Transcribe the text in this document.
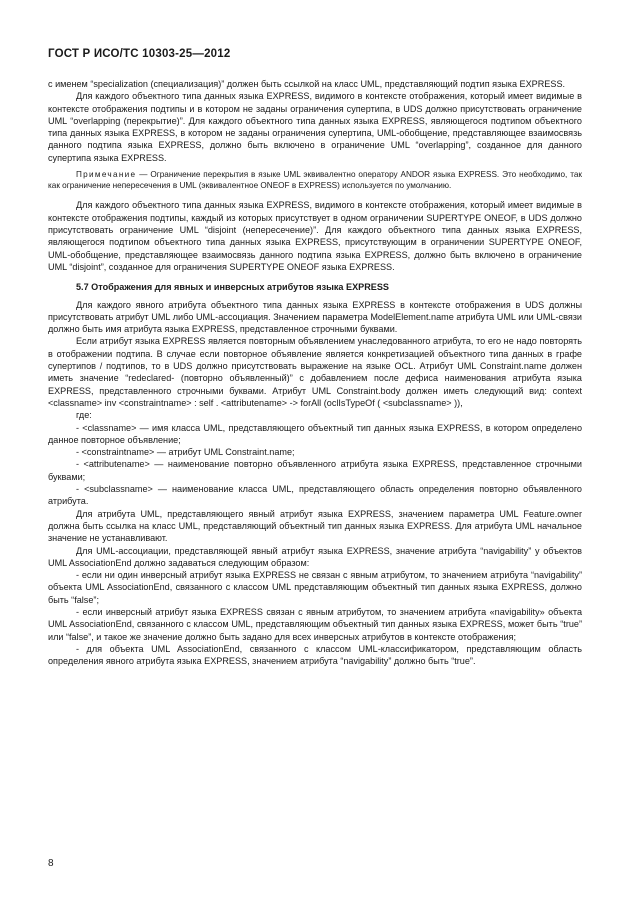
ГОСТ Р ИСО/ТС 10303-25—2012

с именем “specialization (специализация)” должен быть ссылкой на класс UML, представляющий подтип языка EXPRESS.

Для каждого объектного типа данных языка EXPRESS, видимого в контексте отображения, который имеет видимые в контексте отображения подтипы и в котором не заданы ограничения супертипа, в UDS должно присутствовать ограничение UML “overlapping (перекрытие)”. Для каждого объектного типа данных языка EXPRESS, являющегося подтипом объектного типа данных языка EXPRESS, в котором не заданы ограничения супертипа, UML-обобщение, представляющее взаимосвязь данного подтипа языка EXPRESS, должно быть включено в ограничение UML “overlapping”, созданное для данного супертипа языка EXPRESS.

Примечание — Ограничение перекрытия в языке UML эквивалентно оператору ANDOR языка EXPRESS. Это необходимо, так как ограничение непересечения в UML (эквивалентное ONEOF в EXPRESS) используется по умолчанию.

Для каждого объектного типа данных языка EXPRESS, видимого в контексте отображения, который имеет видимые в контексте отображения подтипы, каждый из которых присутствует в одном ограничении SUPERTYPE ONEOF, в UDS должно присутствовать ограничение UML “disjoint (непересечение)”. Для каждого объектного типа данных языка EXPRESS, являющегося подтипом объектного типа данных языка EXPRESS, присутствующим в ограничении SUPERTYPE ONEOF, UML-обобщение, представляющее взаимосвязь данного подтипа языка EXPRESS, должно быть включено в ограничение UML “disjoint”, созданное для ограничения SUPERTYPE ONEOF языка EXPRESS.

5.7 Отображения для явных и инверсных атрибутов языка EXPRESS

Для каждого явного атрибута объектного типа данных языка EXPRESS в контексте отображения в UDS должны присутствовать атрибут UML либо UML-ассоциация. Значением параметра ModelElement.name атрибута UML или UML-связи должно быть имя атрибута языка EXPRESS, представленное строчными буквами.

Если атрибут языка EXPRESS является повторным объявлением унаследованного атрибута, то его не надо повторять в отображении подтипа. В случае если повторное объявление является конкретизацией объектного типа данных в графе супертипов / подтипов, то в UDS должно присутствовать выражение на языке OCL. Атрибут UML Constraint.name должен иметь значение “redeclared- (повторно объявленный)” с добавлением после дефиса наименования атрибута языка EXPRESS, представленного строчными буквами. Атрибут UML Constraint.body должен иметь следующий вид: context <classname> inv <constraintname> : self . <attributename> -> forAll (oclIsTypeOf ( <subclassname> )),

где:

- <classname> — имя класса UML, представляющего объектный тип данных языка EXPRESS, в котором определено данное повторное объявление;

- <constraintname> — атрибут UML Constraint.name;

- <attributename> — наименование повторно объявленного атрибута языка EXPRESS, представленное строчными буквами;

- <subclassname> — наименование класса UML, представляющего область определения повторно объявленного атрибута.

Для атрибута UML, представляющего явный атрибут языка EXPRESS, значением параметра UML Feature.owner должна быть ссылка на класс UML, представляющий объектный тип данных языка EXPRESS. Для атрибута UML начальное значение не устанавливают.

Для UML-ассоциации, представляющей явный атрибут языка EXPRESS, значение атрибута “navigability” у объектов UML AssociationEnd должно задаваться следующим образом:

- если ни один инверсный атрибут языка EXPRESS не связан с явным атрибутом, то значением атрибута “navigability” объекта UML AssociationEnd, связанного с классом UML представляющим объектный тип данных языка EXPRESS, должно быть “false”;

- если инверсный атрибут языка EXPRESS связан с явным атрибутом, то значением атрибута «navigability» объекта UML AssociationEnd, связанного с классом UML, представляющим объектный тип данных языка EXPRESS, может быть “true” или “false”, и такое же значение должно быть задано для всех инверсных атрибутов в контексте отображения;

- для объекта UML AssociationEnd, связанного с классом UML-классификатором, представляющим область определения явного атрибута языка EXPRESS, значением атрибута “navigability” должно быть “true”.

8
